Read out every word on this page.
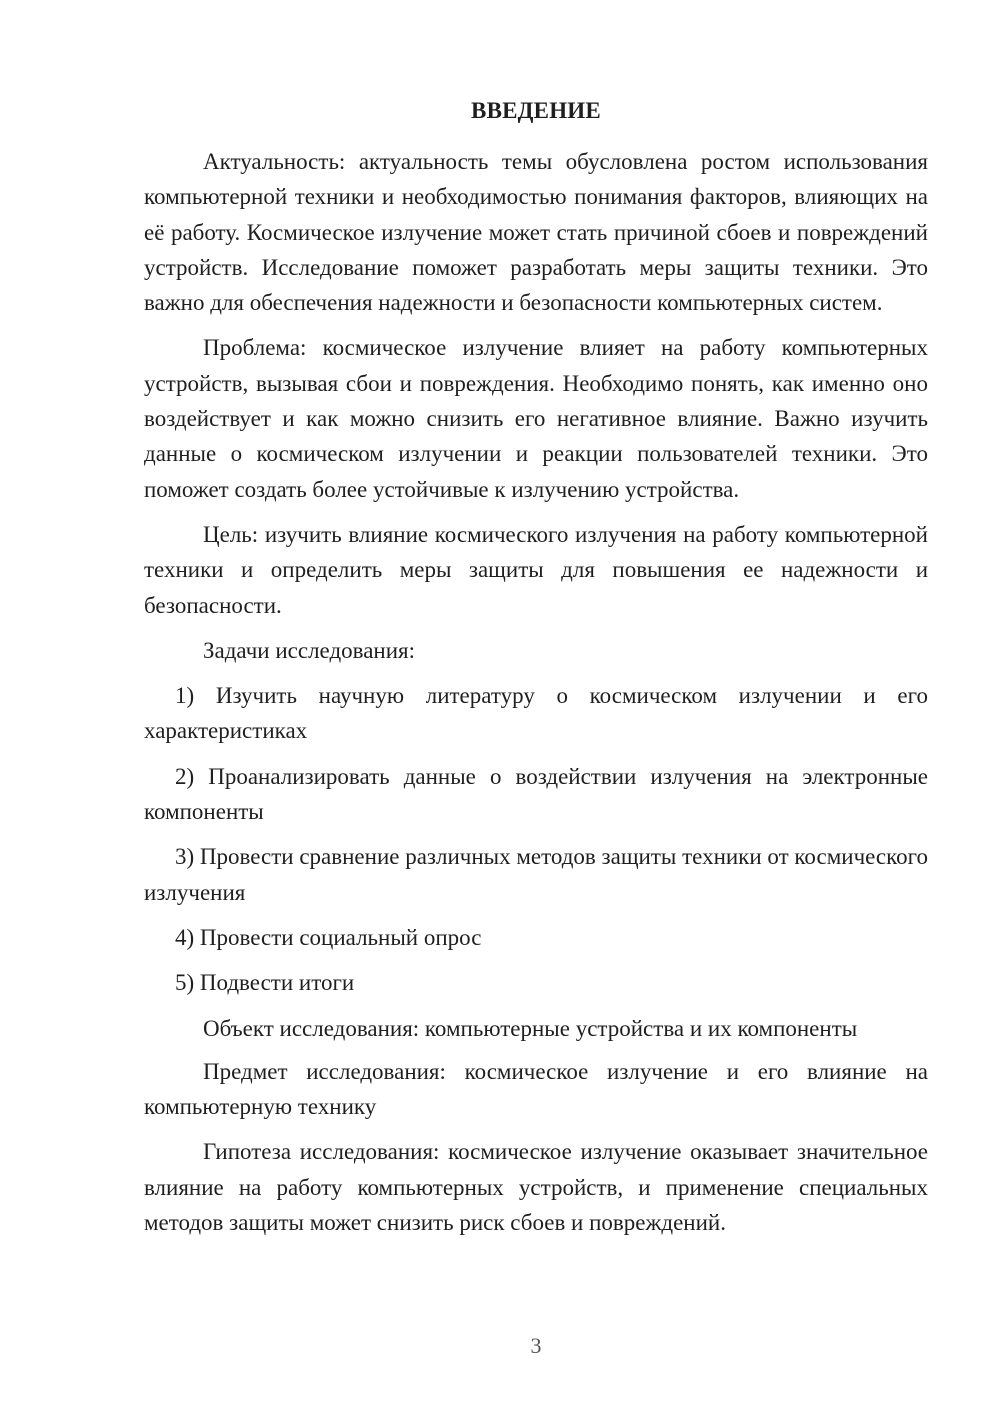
ВВЕДЕНИЕ

Актуальность: актуальность темы обусловлена ростом использования компьютерной техники и необходимостью понимания факторов, влияющих на её работу. Космическое излучение может стать причиной сбоев и повреждений устройств. Исследование поможет разработать меры защиты техники. Это важно для обеспечения надежности и безопасности компьютерных систем.

Проблема: космическое излучение влияет на работу компьютерных устройств, вызывая сбои и повреждения. Необходимо понять, как именно оно воздействует и как можно снизить его негативное влияние. Важно изучить данные о космическом излучении и реакции пользователей техники. Это поможет создать более устойчивые к излучению устройства.

Цель: изучить влияние космического излучения на работу компьютерной техники и определить меры защиты для повышения ее надежности и безопасности.

Задачи исследования:

1) Изучить научную литературу о космическом излучении и его характеристиках

2) Проанализировать данные о воздействии излучения на электронные компоненты

3) Провести сравнение различных методов защиты техники от космического излучения

4) Провести социальный опрос

5) Подвести итоги

Объект исследования: компьютерные устройства и их компоненты

Предмет исследования: космическое излучение и его влияние на компьютерную технику

Гипотеза исследования: космическое излучение оказывает значительное влияние на работу компьютерных устройств, и применение специальных методов защиты может снизить риск сбоев и повреждений.

3
